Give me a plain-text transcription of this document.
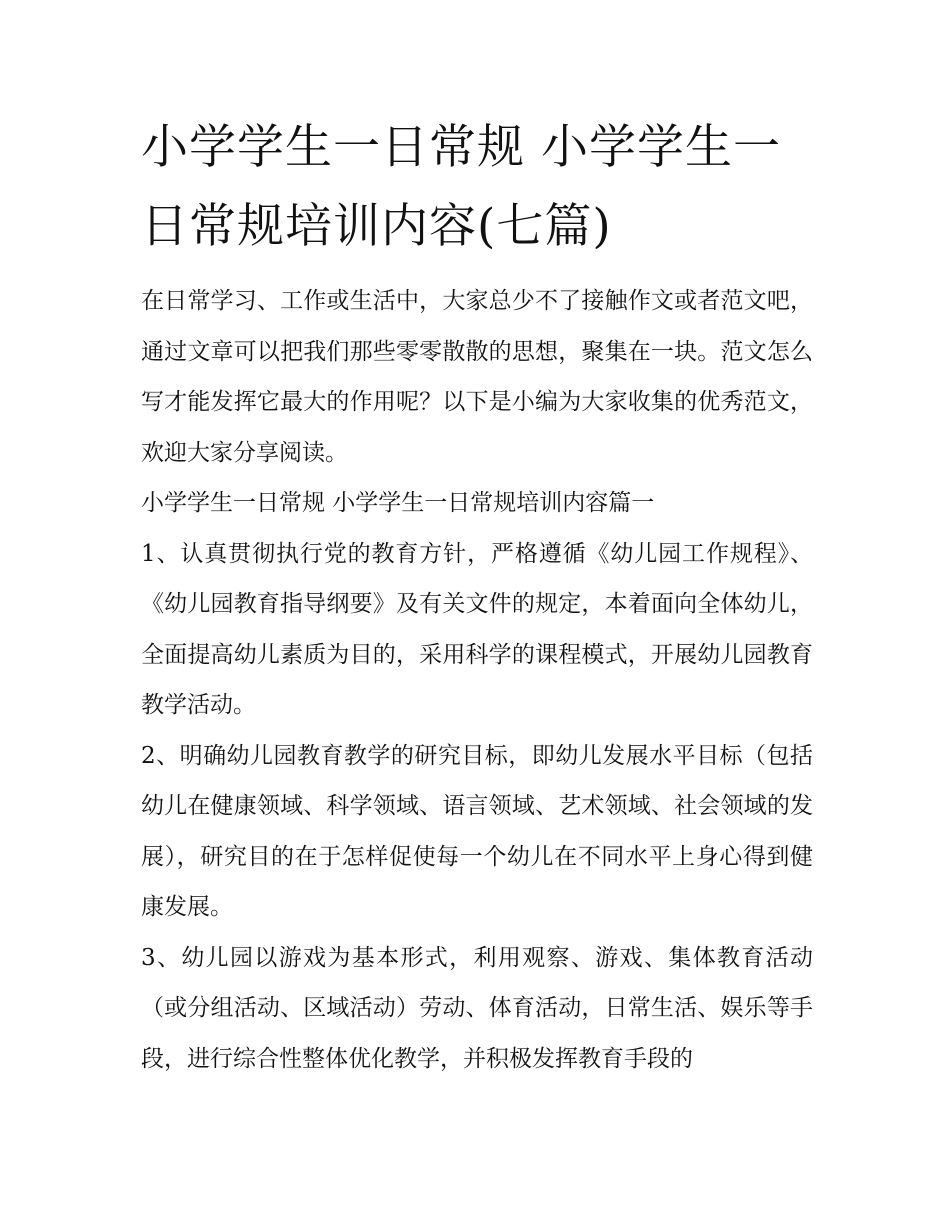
小学学生一日常规 小学学生一日常规培训内容(七篇)

在日常学习、工作或生活中，大家总少不了接触作文或者范文吧，通过文章可以把我们那些零零散散的思想，聚集在一块。范文怎么写才能发挥它最大的作用呢？以下是小编为大家收集的优秀范文，欢迎大家分享阅读。

小学学生一日常规 小学学生一日常规培训内容篇一

1、认真贯彻执行党的教育方针，严格遵循《幼儿园工作规程》、《幼儿园教育指导纲要》及有关文件的规定，本着面向全体幼儿，全面提高幼儿素质为目的，采用科学的课程模式，开展幼儿园教育教学活动。

2、明确幼儿园教育教学的研究目标，即幼儿发展水平目标（包括幼儿在健康领域、科学领域、语言领域、艺术领域、社会领域的发展），研究目的在于怎样促使每一个幼儿在不同水平上身心得到健康发展。

3、幼儿园以游戏为基本形式，利用观察、游戏、集体教育活动（或分组活动、区域活动）劳动、体育活动，日常生活、娱乐等手段，进行综合性整体优化教学，并积极发挥教育手段的
